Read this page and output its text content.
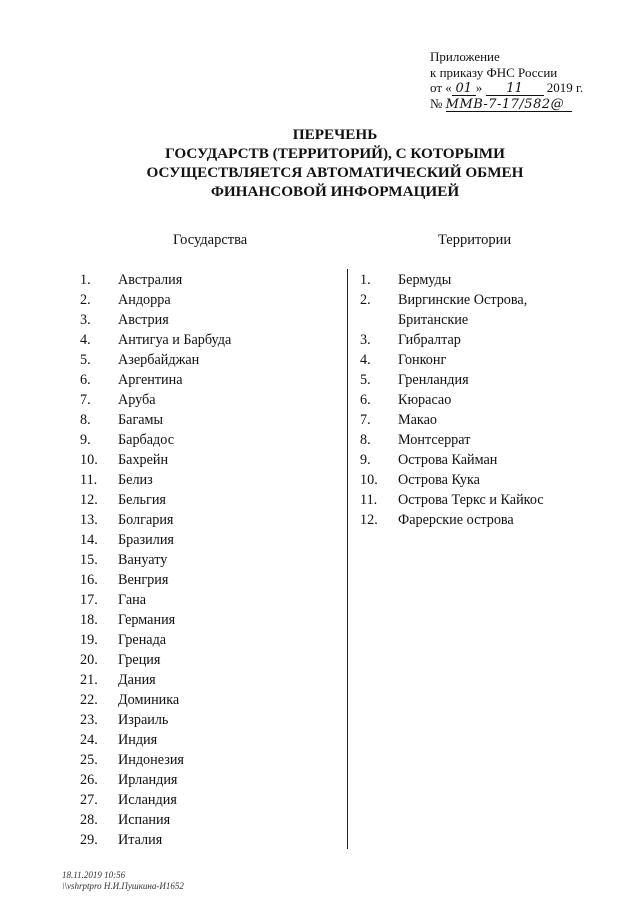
Приложение
к приказу ФНС России
от « 01 » 11 2019 г.
№ ММВ-7-17/582@
ПЕРЕЧЕНЬ
ГОСУДАРСТВ (ТЕРРИТОРИЙ), С КОТОРЫМИ
ОСУЩЕСТВЛЯЕТСЯ АВТОМАТИЧЕСКИЙ ОБМЕН
ФИНАНСОВОЙ ИНФОРМАЦИЕЙ
Государства	Территории
1. Австралия
2. Андорра
3. Австрия
4. Антигуа и Барбуда
5. Азербайджан
6. Аргентина
7. Аруба
8. Багамы
9. Барбадос
10. Бахрейн
11. Белиз
12. Бельгия
13. Болгария
14. Бразилия
15. Вануату
16. Венгрия
17. Гана
18. Германия
19. Гренада
20. Греция
21. Дания
22. Доминика
23. Израиль
24. Индия
25. Индонезия
26. Ирландия
27. Исландия
28. Испания
29. Италия
1. Бермуды
2. Виргинские Острова,
Британские
3. Гибралтар
4. Гонконг
5. Гренландия
6. Кюрасао
7. Макао
8. Монтсеррат
9. Острова Кайман
10. Острова Кука
11. Острова Теркс и Кайкос
12. Фарерские острова
18.11.2019 10:56
\\vshrptpro Н.И.Пушкина-И1652
